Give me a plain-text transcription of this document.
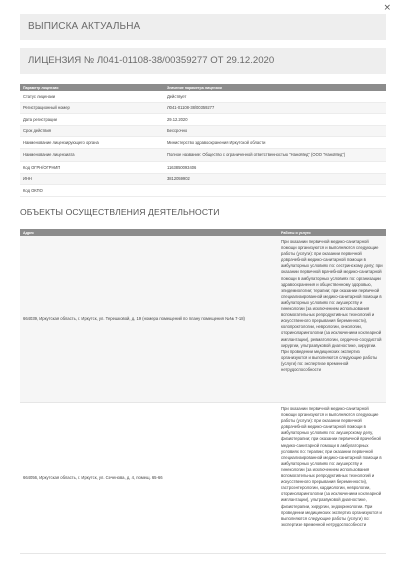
×
ВЫПИСКА АКТУАЛЬНА
ЛИЦЕНЗИЯ № Л041-01108-38/00359277 ОТ 29.12.2020
Параметр лицензии	Значение параметра лицензии
Статус лицензии	Действует
Регистрационный номер	Л041-01108-38/00359277
Дата регистрации	29.12.2020
Срок действия	Бессрочно
Наименование лицензирующего органа	Министерство здравоохранения Иркутской области
Наименование лицензиата	Полное название: Общество с ограниченной ответственностью "НаноМед" (ООО "НаноМед")
Код ОГРН/ОГРНИП	1163850093406
ИНН	3812059902
Код ОКПО	
ОБЪЕКТЫ ОСУЩЕСТВЛЕНИЯ ДЕЯТЕЛЬНОСТИ
Адрес	Работы и услуги
664039, Иркутская область, г. Иркутск, ул. Терешковой, д. 19 (номера помещений по плану помещения №№ 7-18)	При оказании первичной медико-санитарной помощи организуются и выполняются следующие работы (услуги): при оказании первичной доврачебной медико-санитарной помощи в амбулаторных условиях по: сестринскому делу; при оказании первичной врачебной медико-санитарной помощи в амбулаторных условиях по: организации здравоохранения и общественному здоровью, эпидемиологии; терапии; при оказании первичной специализированной медико-санитарной помощи в амбулаторных условиях по: акушерству и гинекологии (за исключением использования вспомогательных репродуктивных технологий и искусственного прерывания беременности), колопроктологии, неврологии, онкологии, оториноларингологии (за исключением кохлеарной имплантации), ревматологии, сердечно-сосудистой хирургии, ультразвуковой диагностике, хирургии. При проведении медицинских экспертиз организуются и выполняются следующие работы (услуги) по: экспертизе временной нетрудоспособности
664056, Иркутская область, г. Иркутск, ул. Сеченова, д. 4, помещ. 65-66	При оказании первичной медико-санитарной помощи организуются и выполняются следующие работы (услуги): при оказании первичной доврачебной медико-санитарной помощи в амбулаторных условиях по: акушерскому делу, физиотерапии; при оказании первичной врачебной медико-санитарной помощи в амбулаторных условиях по: терапии; при оказании первичной специализированной медико-санитарной помощи в амбулаторных условиях по: акушерству и гинекологии (за исключением использования вспомогательных репродуктивных технологий и искусственного прерывания беременности), гастроэнтерологии, кардиологии, неврологии, оториноларингологии (за исключением кохлеарной имплантации), ультразвуковой диагностике, физиотерапии, хирургии, эндокринологии. При проведении медицинских экспертиз организуются и выполняются следующие работы (услуги) по: экспертизе временной нетрудоспособности
